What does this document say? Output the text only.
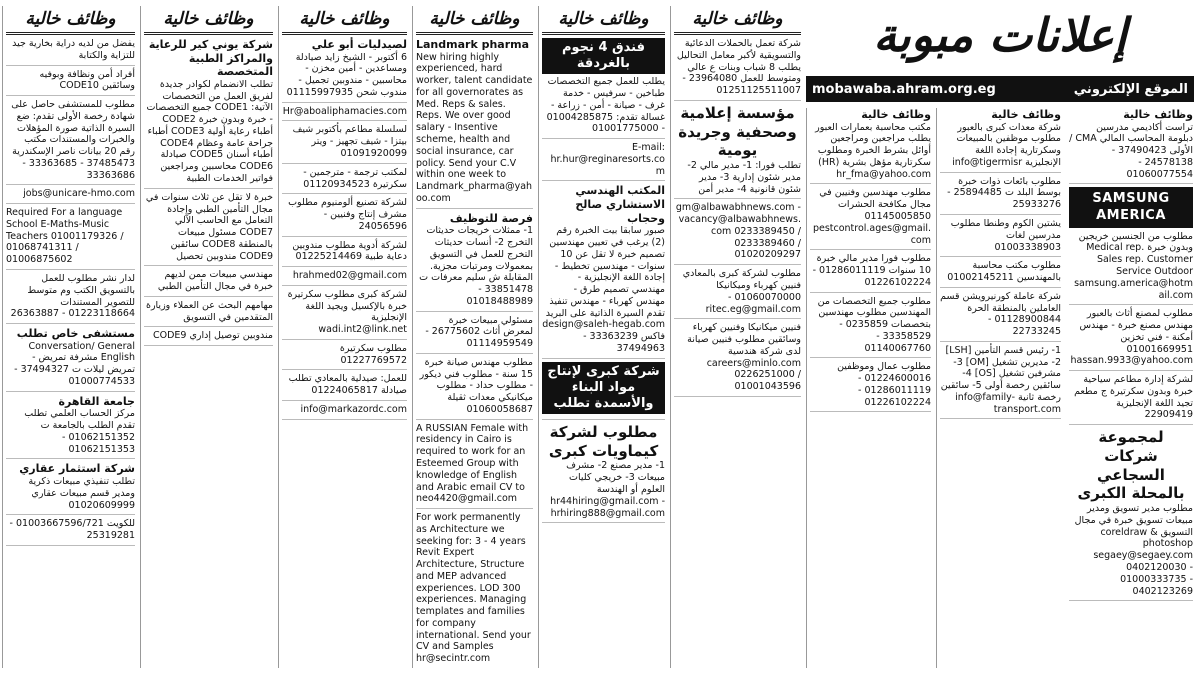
إعلانات مبوبة
mobawaba.ahram.org.eg	الموقع الإلكتروني
وظائف خالية
يفضل من لديه دراية بخارية جيد للتزاية والكتابة
أفراد أمن ونظافة وبوفيه وسائقين CODE10
مطلوب للمستشفى حاصل على شهادة رخصة الأولى تقدم: ضع السيرة الذاتية صورة المؤهلات والخبرات والمستندات مكتب رقم 20 بيانات ناصر الإسكندرية 37485473 - 33363685 - 33363686
jobs@unicare-hmo.com
Required For a language School E-Maths-Music Teachers 01001179326 / 01068741311 / 01006875602
لدار نشر مطلوب للعمل بالتسويق الكتب وم متوسط للتصوير المستندات 01223118664 - 26363887
مستشفى خاص تطلب
Conversation/ General English مشرفة تمريض - تمريض ليلات ت 37494327 - 01000774533
جامعة القاهرة
مركز الحساب العلمي تطلب تقدم الطلب بالجامعة ت 01062151352 - 01062151353
شركة استثمار عقاري
تطلب تنفيذي مبيعات ذكرية ومدير قسم مبيعات عقاري 01020609999
للكويت 01003667596/721 - 25319281
وظائف خالية
شركة يوني كير للرعاية والمراكز الطبية المتخصصة
تطلب الانضمام لكوادر جديدة لفريق العمل من التخصصات الآتية: CODE1 جميع التخصصات - خبرة وبدون خبرة CODE2 أطباء رعاية أولية CODE3 أطباء جراحة عامة وعظام CODE4 أطباء أسنان CODE5 صيادلة CODE6 محاسبين ومراجعين فواتير الخدمات الطبية
خبرة لا تقل عن ثلاث سنوات في مجال التأمين الطبي وإجادة التعامل مع الحاسب الآلي CODE7 مسئول مبيعات بالمنطقة CODE8 سائقين CODE9 مندوبين تحصيل
مهندسي مبيعات ممن لديهم خبرة في مجال التأمين الطبي
مهامهم البحث عن العملاء وزيارة المتقدمين في التسويق
مندوبين توصيل إداري CODE9
وظائف خالية
لصيدليات أبو علي
6 أكتوبر - الشيخ زايد صيادلة ومساعدين - أمين مخزن - محاسبين - مندوبين تجميل - مندوب شحن 01115997935
Hr@aboaliphamacies.com
لسلسلة مطاعم بأكتوبر شيف بيتزا - شيف تجهيز - ويتر 01091920099
لمكتب ترجمة - مترجمين - سكرتيرة 01120934523
لشركة تصنيع ألومنيوم مطلوب مشرف إنتاج وفنيين - 24056596
لشركة أدوية مطلوب مندوبين دعاية طبية 01225214469
hrahmed02@gmail.com
لشركة كبرى مطلوب سكرتيرة خبرة بالإكسيل ويجيد اللغة الإنجليزية wadi.int2@link.net
مطلوب سكرتيرة 01227769572
للعمل: صيدلية بالمعادي تطلب صيادلة 01224065817
info@markazordc.com
وظائف خالية
Landmark pharma
New hiring highly experienced, hard worker, talent candidate for all governorates as Med. Reps & sales. Reps. We over good salary - Insentive scheme, health and social insurance, car policy. Send your C.V within one week to Landmark_pharma@yahoo.com
فرصة للتوظيف
1- ممثلات خريجات حديثات التخرج 2- أنسات حديثات التخرج للعمل في التسويق بمعمولات ومرتبات مجزية. المقابلة ش سليم معرفات ت 33851478 - 01018488989
مسئولي مبيعات خبرة لمعرض أثاث 26775602 - 01114959549
مطلوب مهندس صيانة خبرة 15 سنة - مطلوب فني ديكور - مطلوب حداد - مطلوب ميكانيكي معدات ثقيلة 01060058687
A RUSSIAN Female with residency in Cairo is required to work for an Esteemed Group with knowledge of English and Arabic email CV to neo4420@gmail.com
For work permanently as Architecture we seeking for: 3 - 4 years Revit Expert Architecture, Structure and MEP advanced experiences. LOD 300 experiences. Managing templates and families for company international. Send your CV and Samples hr@secintr.com
وظائف خالية
فندق 4 نجوم بالغردقة
يطلب للعمل جميع التخصصات طباخين - سرفيس - خدمة غرف - صيانة - أمن - زراعة - غسالة تقدم: 01004285875 - 01001775000
E-mail: hr.hur@reginaresorts.com
المكتب الهندسي الاستشاري صالح وحجاب
صبور سابقا بيت الخبرة رقم (2) يرغب في تعيين مهندسين تصميم خبرة لا تقل عن 10 سنوات - مهندسين تخطيط - إجادة اللغة الإنجليزية - مهندسي تصميم طرق - مهندس كهرباء - مهندس تنفيذ تقدم السيرة الذاتية على البريد design@saleh-hegab.com فاكس 33363239 - 37494963
شركة كبرى لإنتاج مواد البناء والأسمدة تطلب
مطلوب لشركة كيماويات كبرى
1- مدير مصنع 2- مشرف مبيعات 3- خريجي كليات العلوم أو الهندسة hr44hiring@gmail.com - hrhiring888@gmail.com
وظائف خالية
شركة تعمل بالحملات الدعائية والتسويقية لأكبر معامل التحاليل يطلب 8 شباب وبنات ع عالي ومتوسط للعمل 23964080 - 01251125511007
مؤسسة إعلامية وصحفية وجريدة يومية
تطلب فورا: 1- مدير مالي 2- مدير شئون إدارية 3- مدير شئون قانونية 4- مدير أمن
gm@albawabhnews.com - vacancy@albawabhnews.com 0233389450 / 0233389460 / 01020209297
مطلوب لشركة كبرى بالمعادي فنيين كهرباء وميكانيكا 01060070000 - ritec.eg@gmail.com
فنيين ميكانيكا وفنيين كهرباء وسائقين مطلوب فنيين صيانة لدى شركة هندسية careers@minlo.com 0226251000 / 01001043596
وظائف خالية
مكتب محاسبة بعمارات العبور يطلب مراجعين ومراجعين أوائل بشرط الخبرة ومطلوب سكرتارية مؤهل بشرية (HR) hr_fma@yahoo.com
مطلوب مهندسين وفنيين في مجال مكافحة الحشرات 01145005850 pestcontrol.ages@gmail.com
مطلوب فورا مدير مالي خبرة 10 سنوات 01286011119 - 01226102224
مطلوب جميع التخصصات من المهندسين مطلوب مهندسين بتخصصات 0235859 - 33358529 - 01140067760
مطلوب عمال وموظفين 01224600016 - 01286011119 - 01226102224
وظائف خالية
شركة معدات كبرى بالعبور مطلوب موظفين بالمبيعات وسكرتارية إجادة اللغة الإنجليزية info@tigermisr
مطلوب بائعات ذوات خبرة بوسط البلد ت 25894485 - 25933276
يشتين الكوم وطنطا مطلوب مدرسين لغات 01003338903
مطلوب مكتب محاسبة بالمهندسين 01002145211
شركة عاملة كورنيرويشن قسم العاملين بالمنطقة الحرة 01128900844 - 22733245
1- رئيس قسم التأمين [LSH] 2- مديرين تشغيل [OM] 3- مشرفين تشغيل [OS] 4- سائقين رخصة أولى 5- سائقين رخصة ثانية info@family-transport.com
وظائف خالية
تراست أكاديمي مدرسين دبلومة المحاسب المالي CMA / الأولى 37490423 - 24578138 - 01060077554
SAMSUNG AMERICA
مطلوب من الجنسين خريجين وبدون خبرة Medical rep. Sales rep. Customer Service Outdoor samsung.america@hotmail.com
مطلوب لمصنع أثاث بالعبور مهندس مصنع خبرة - مهندس أمكنة - فني تخزين 01001669951 hassan.9933@yahoo.com
لشركة إدارة مطاعم سياحية خبرة وبدون سكرتيرة ج مطعم تجيد اللغة الإنجليزية 22909419
لمجموعة شركات السجاعي بالمحلة الكبرى
مطلوب مدير تسويق ومدير مبيعات تسويق خبرة في مجال التسويق coreldraw & photoshop segaey@segaey.com 0402120030 - 01000333735 - 0402123269
